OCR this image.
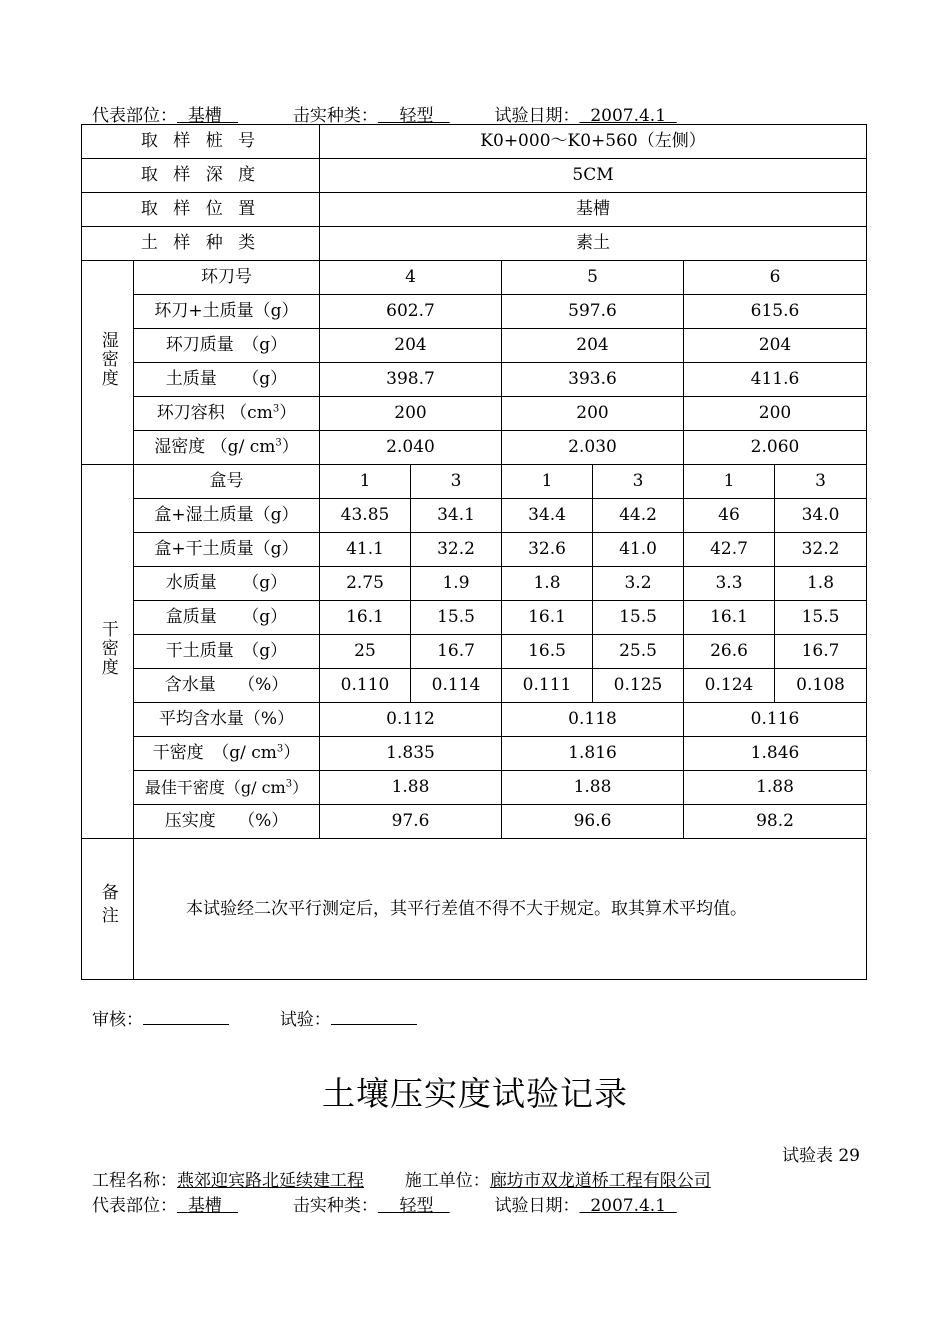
代表部位： 基槽	击实种类： 轻型	试验日期： 2007.4.1
取 样 桩 号		K0+000～K0+560（左侧）					
取 样 深 度		5CM					
取 样 位 置		基槽					
土 样 种 类		素土					
湿密度	环刀号	4		5		6	
	环刀+土质量（g）	602.7		597.6		615.6	
	环刀质量　（g）	204		204		204	
	土质量　　（g）	398.7		393.6		411.6	
	环刀容积 $(cm^3)$	200		200		200	
	湿密度 （g/ $cm^3$）	2.040		2.030		2.060	
干密度	盒号	1	3	1	3	1	3
	盒+湿土质量（g）	43.85	34.1	34.4	44.2	46	34.0
	盒+干土质量（g）	41.1	32.2	32.6	41.0	42.7	32.2
	水质量　　（g）	2.75	1.9	1.8	3.2	3.3	1.8
	盒质量　　（g）	16.1	15.5	16.1	15.5	16.1	15.5
	干土质量　（g）	25	16.7	16.5	25.5	26.6	16.7
	含水量　 （%）	0.110	0.114	0.111	0.125	0.124	0.108
	平均含水量（%）	0.112		0.118		0.116	
	干密度　（g/ $cm^3$）	1.835		1.816		1.846	
	最佳干密度（g/ $cm^3$）	1.88		1.88		1.88	
	压实度　 （%）	97.6		96.6		98.2	
备注	本试验经二次平行测定后，其平行差值不得不大于规定。取其算术平均值。						
审核：	试验：
土壤压实度试验记录
试验表 29
工程名称：燕郊迎宾路北延续建工程 施工单位：廊坊市双龙道桥工程有限公司
代表部位： 基槽	击实种类： 轻型	试验日期： 2007.4.1
